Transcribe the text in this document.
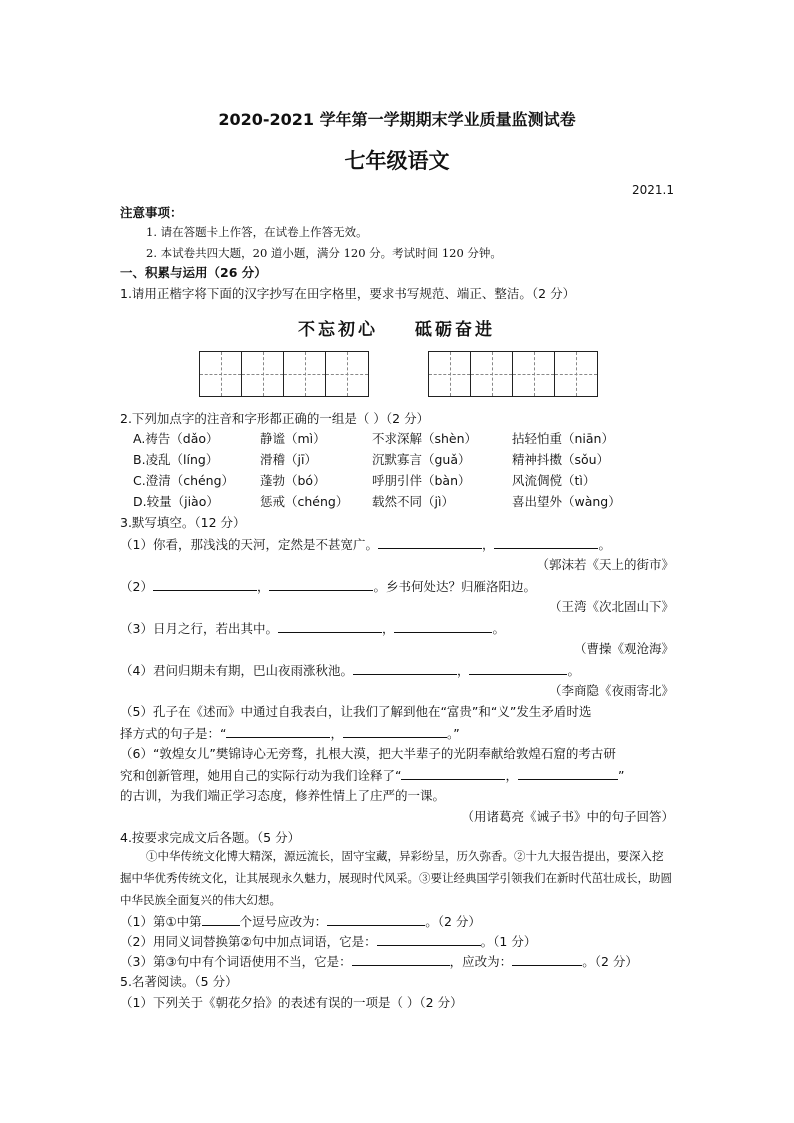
2020-2021 学年第一学期期末学业质量监测试卷
七年级语文
2021.1
注意事项：
1. 请在答题卡上作答，在试卷上作答无效。
2. 本试卷共四大题，20 道小题，满分 120 分。考试时间 120 分钟。
一、积累与运用（26 分）
1.请用正楷字将下面的汉字抄写在田字格里，要求书写规范、端正、整洁。（2 分）
不忘初心 砥砺奋进
2.下列加点字的注音和字形都正确的一组是（ ）（2 分）
A.祷告（dǎo）	静谧（mì）	不求深解（shèn）	拈轻怕重（niān）
B.凌乱（líng）	滑稽（jī）	沉默寡言（guǎ）	精神抖擞（sǒu）
C.澄清（chéng） 蓬勃（bó）	呼朋引伴（bàn）	风流倜傥（tì）
D.较量（jiào）	惩戒（chéng） 载然不同（jì）	喜出望外（wàng）
3.默写填空。（12 分）
（1）你看，那浅浅的天河，定然是不甚宽广。	，	。
（郭沫若《天上的街市》
（2）	，	。乡书何处达？归雁洛阳边。
（王湾《次北固山下》
（3）日月之行，若出其中。	，	。
（曹操《观沧海》
（4）君问归期未有期，巴山夜雨涨秋池。	，	。
（李商隐《夜雨寄北》
（5）孔子在《述而》中通过自我表白，让我们了解到他在“富贵”和“义”发生矛盾时选
择方式的句子是：“	，	。”
（6）“敦煌女儿”樊锦诗心无旁骛，扎根大漠，把大半辈子的光阴奉献给敦煌石窟的考古研
究和创新管理，她用自己的实际行动为我们诠释了“	，	”
的古训，为我们端正学习态度，修养性情上了庄严的一课。
（用诸葛亮《诫子书》中的句子回答）
4.按要求完成文后各题。（5 分）
①中华传统文化博大精深，源远流长，固守宝藏，异彩纷呈，历久弥香。②十九大报告提出，要深入挖掘中华优秀传统文化，让其展现永久魅力，展现时代风采。③要让经典国学引领我们在新时代茁壮成长，助圆中华民族全面复兴的伟大幻想。
（1）第①中第	个逗号应改为：	。（2 分）
（2）用同义词替换第②句中加点词语，它是：	。（1 分）
（3）第③句中有个词语使用不当，它是：	，应改为：	。（2 分）
5.名著阅读。（5 分）
（1）下列关于《朝花夕拾》的表述有误的一项是（ ）（2 分）
